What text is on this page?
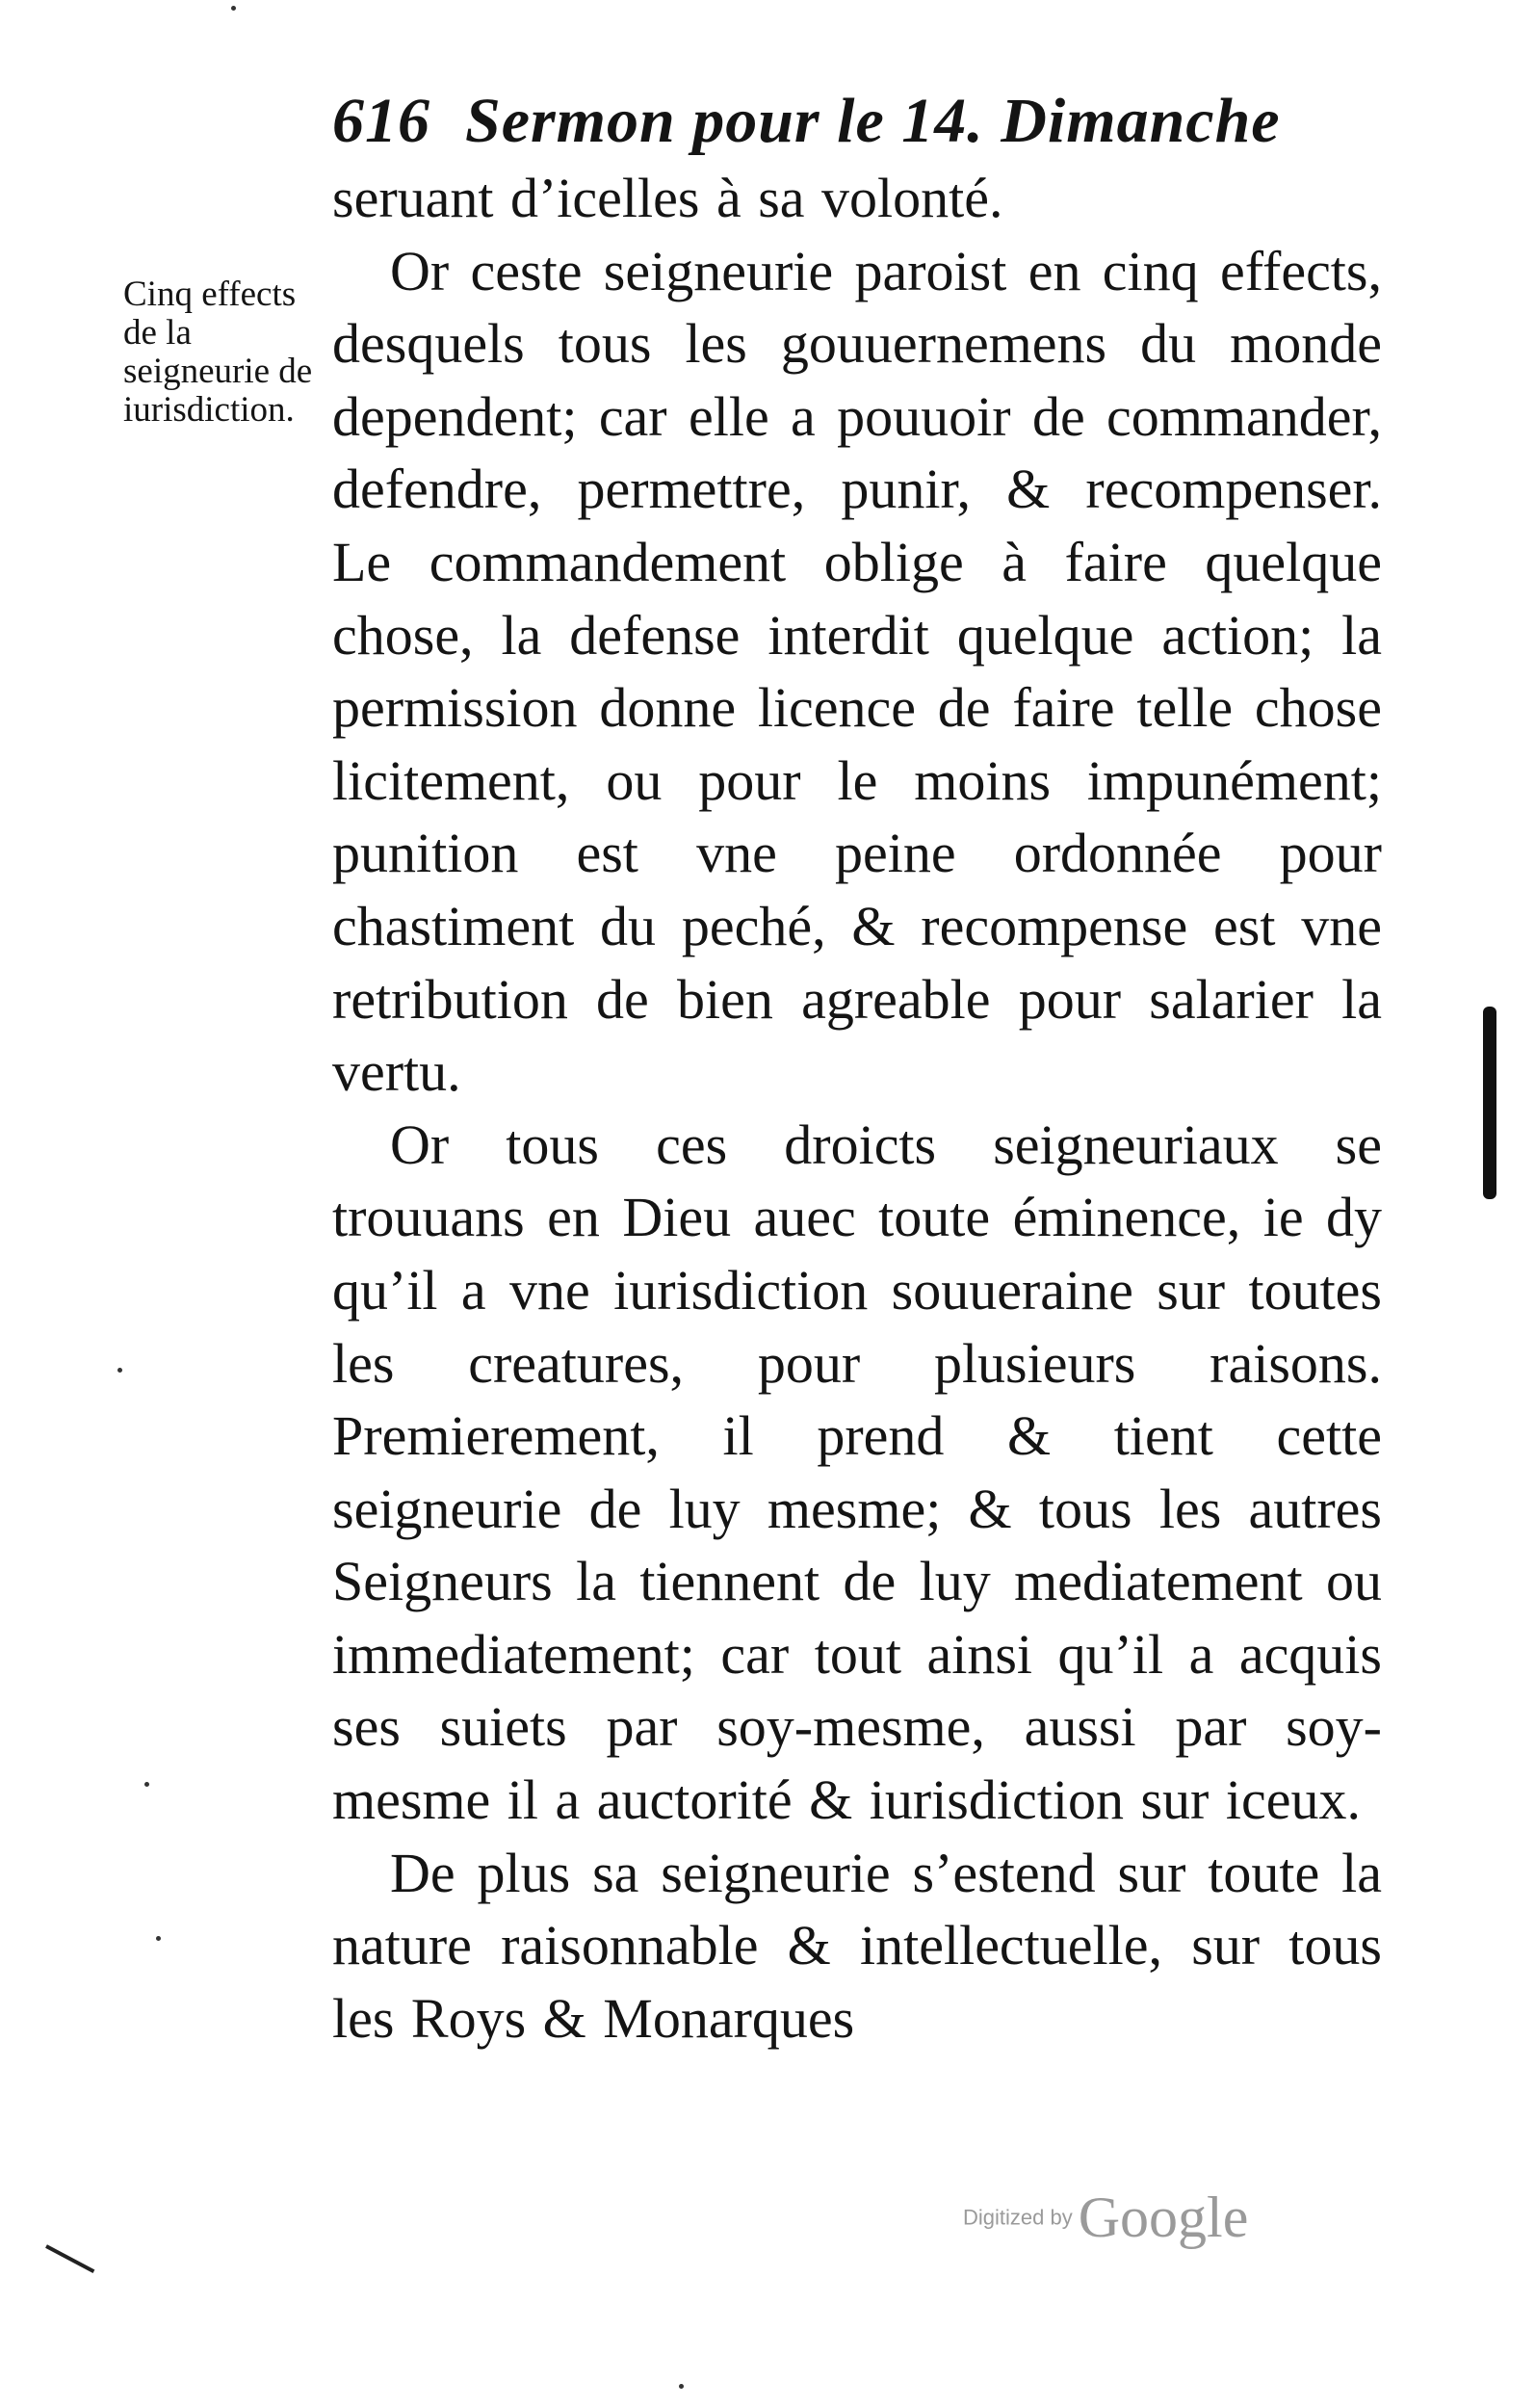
616 Sermon pour le 14. Dimanche
Cinq effects de la seigneurie de iurisdiction.

seruant d’icelles à sa volonté.

Or ceste seigneurie paroist en cinq effects, desquels tous les gouuernemens du monde dependent; car elle a pouuoir de commander, defendre, permettre, punir, & recompenser. Le commandement oblige à faire quelque chose, la defense interdit quelque action; la permission donne licence de faire telle chose licitement, ou pour le moins impunément; punition est vne peine ordonnée pour chastiment du peché, & recompense est vne retribution de bien agreable pour salarier la vertu.

Or tous ces droicts seigneuriaux se trouuans en Dieu auec toute éminence, ie dy qu’il a vne iurisdiction souueraine sur toutes les creatures, pour plusieurs raisons. Premierement, il prend & tient cette seigneurie de luy mesme; & tous les autres Seigneurs la tiennent de luy mediatement ou immediatement; car tout ainsi qu’il a acquis ses suiets par soy-mesme, aussi par soy-mesme il a auctorité & iurisdiction sur iceux.

De plus sa seigneurie s’estend sur toute la nature raisonnable & intellectuelle, sur tous les Roys & Monarques

Digitized by Google
